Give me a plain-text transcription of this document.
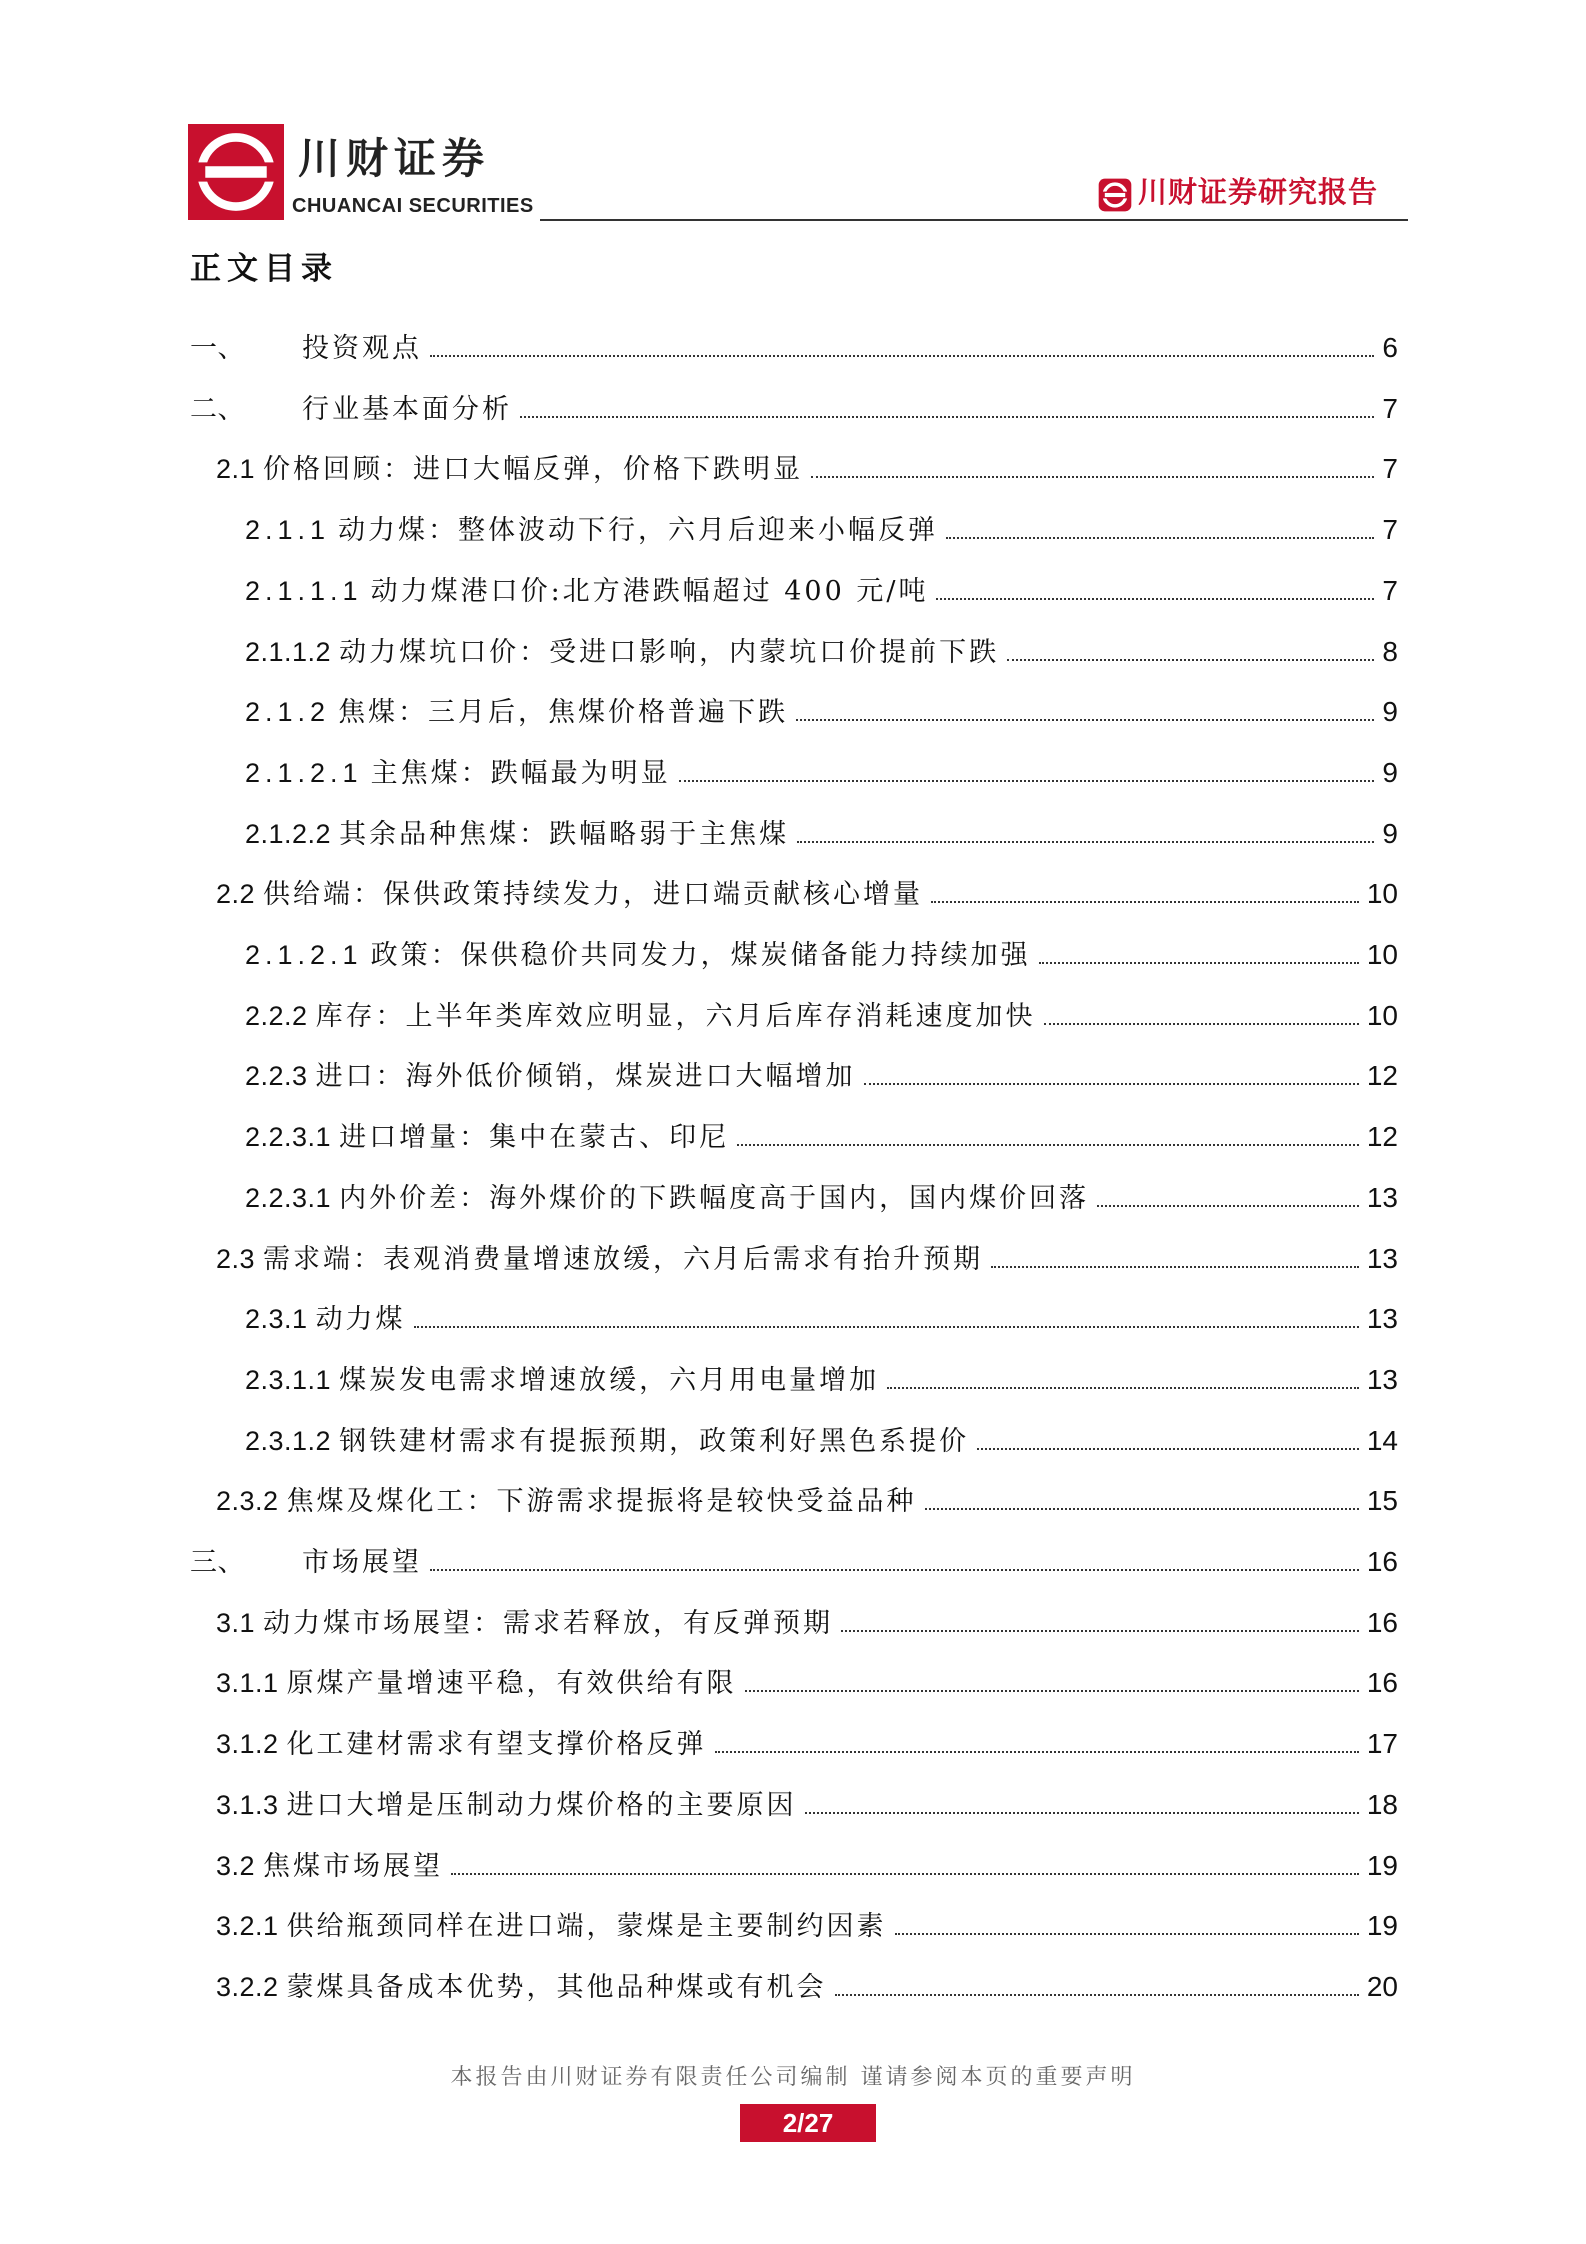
川财证券
CHUANCAI SECURITIES	川财证券研究报告
正文目录
一、	投资观点	6
二、	行业基本面分析	7
2.1 价格回顾：进口大幅反弹，价格下跌明显	7
2.1.1 动力煤：整体波动下行，六月后迎来小幅反弹	7
2.1.1.1 动力煤港口价:北方港跌幅超过 400 元/吨	7
2.1.1.2 动力煤坑口价：受进口影响，内蒙坑口价提前下跌	8
2.1.2 焦煤：三月后，焦煤价格普遍下跌	9
2.1.2.1 主焦煤：跌幅最为明显	9
2.1.2.2 其余品种焦煤：跌幅略弱于主焦煤	9
2.2 供给端：保供政策持续发力，进口端贡献核心增量	10
2.1.2.1 政策：保供稳价共同发力，煤炭储备能力持续加强	10
2.2.2 库存：上半年类库效应明显，六月后库存消耗速度加快	10
2.2.3 进口：海外低价倾销，煤炭进口大幅增加	12
2.2.3.1 进口增量：集中在蒙古、印尼	12
2.2.3.1 内外价差：海外煤价的下跌幅度高于国内，国内煤价回落	13
2.3 需求端：表观消费量增速放缓，六月后需求有抬升预期	13
2.3.1 动力煤	13
2.3.1.1 煤炭发电需求增速放缓，六月用电量增加	13
2.3.1.2 钢铁建材需求有提振预期，政策利好黑色系提价	14
2.3.2 焦煤及煤化工：下游需求提振将是较快受益品种	15
三、	市场展望	16
3.1 动力煤市场展望：需求若释放，有反弹预期	16
3.1.1 原煤产量增速平稳，有效供给有限	16
3.1.2 化工建材需求有望支撑价格反弹	17
3.1.3 进口大增是压制动力煤价格的主要原因	18
3.2 焦煤市场展望	19
3.2.1 供给瓶颈同样在进口端，蒙煤是主要制约因素	19
3.2.2 蒙煤具备成本优势，其他品种煤或有机会	20
本报告由川财证券有限责任公司编制 谨请参阅本页的重要声明
2/27
